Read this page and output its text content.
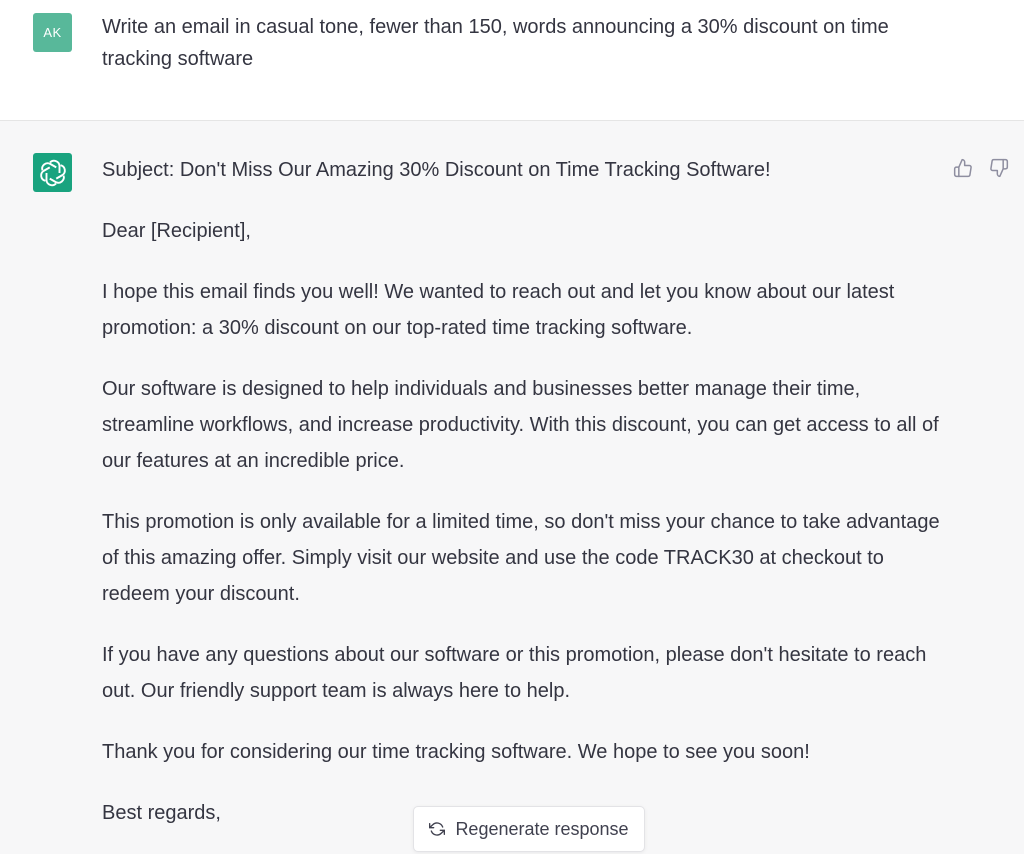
AK Write an email in casual tone, fewer than 150, words announcing a 30% discount on time tracking software

Subject: Don't Miss Our Amazing 30% Discount on Time Tracking Software!

Dear [Recipient],

I hope this email finds you well! We wanted to reach out and let you know about our latest promotion: a 30% discount on our top-rated time tracking software.

Our software is designed to help individuals and businesses better manage their time, streamline workflows, and increase productivity. With this discount, you can get access to all of our features at an incredible price.

This promotion is only available for a limited time, so don't miss your chance to take advantage of this amazing offer. Simply visit our website and use the code TRACK30 at checkout to redeem your discount.

If you have any questions about our software or this promotion, please don't hesitate to reach out. Our friendly support team is always here to help.

Thank you for considering our time tracking software. We hope to see you soon!

Best regards,

Regenerate response
